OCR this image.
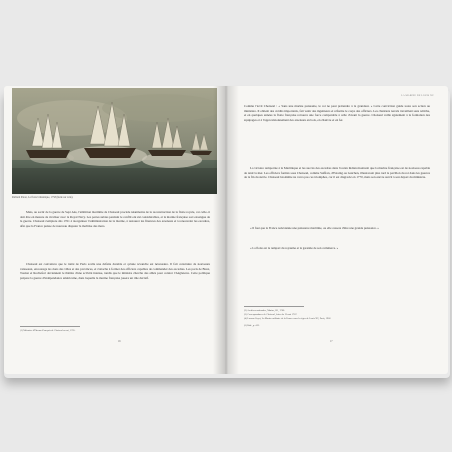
Richard Paton, La flotte britannique, 1758 (huile sur toile).
Mais, au sortir de la guerre de Sept Ans, l'ambition maritime de Choiseul procède néanmoins de la reconstruction de la flotte royale, car celle-ci doit être en mesure de rivaliser avec la Royal Navy. Les pertes subies pendant le conflit ont été considérables, et la marine française sort exsangue de la guerre. Choiseul s'emploie dès 1761 à réorganiser l'administration de la marine, à restaurer les finances des arsenaux et à renouveler les escadres, afin que la France puisse de nouveau disputer la maîtrise des mers.
Choiseul est convaincu que le traité de Paris scelle une défaite durable et qu'une revanche est nécessaire. Il fait construire de nouveaux vaisseaux, encourage les dons des villes et des provinces, et s'attache à former des officiers capables de commander des escadres. Les ports de Brest, Toulon et Rochefort deviennent le théâtre d'une activité intense, tandis que le ministre cherche des alliés pour contrer l'Angleterre. Cette politique prépare la guerre d'indépendance américaine, dans laquelle la marine française jouera un rôle décisif.
(1) Mémoire d'Étienne-François de Choiseul au roi, 1765.
LA MARINE DE LOUIS XV
Comme l'écrit Choiseul : « Sans une marine puissante, le roi ne peut prétendre à la grandeur. » Cette conviction guide toute son action au ministère. Il obtient des crédits importants, fait venir des ingénieurs et réforme le corps des officiers. Les chantiers navals travaillent sans relâche, et en quelques années la flotte française retrouve une force comparable à celle d'avant la guerre. Choiseul veille également à la formation des équipages et à l'approvisionnement des arsenaux en bois, en chanvre et en fer.
La victoire remportée à la Martinique et les succès des escadres dans l'océan Indien montrent que la marine française est de nouveau capable de tenir la mer. Les officiers formés sous Choiseul, comme Suffren, d'Estaing ou Guichen, illustreront plus tard le pavillon du roi dans les guerres de la fin du siècle. Choiseul lui-même ne verra pas ces triomphes, car il est disgracié en 1770, mais son œuvre survit à son départ du ministère.
« Il faut que la France redevienne une puissance maritime, ou elle cessera d'être une grande puissance. »
« La flotte est le rempart du royaume et la garantie de son commerce. »
(2) Archives nationales, Marine, B1, 1766.
(3) Correspondance de Choiseul, lettre du 12 mai 1767.
(4) Lacour-Gayet, La Marine militaire de la France sous le règne de Louis XV, Paris, 1902.
(5) Ibid., p. 412.
16	17
